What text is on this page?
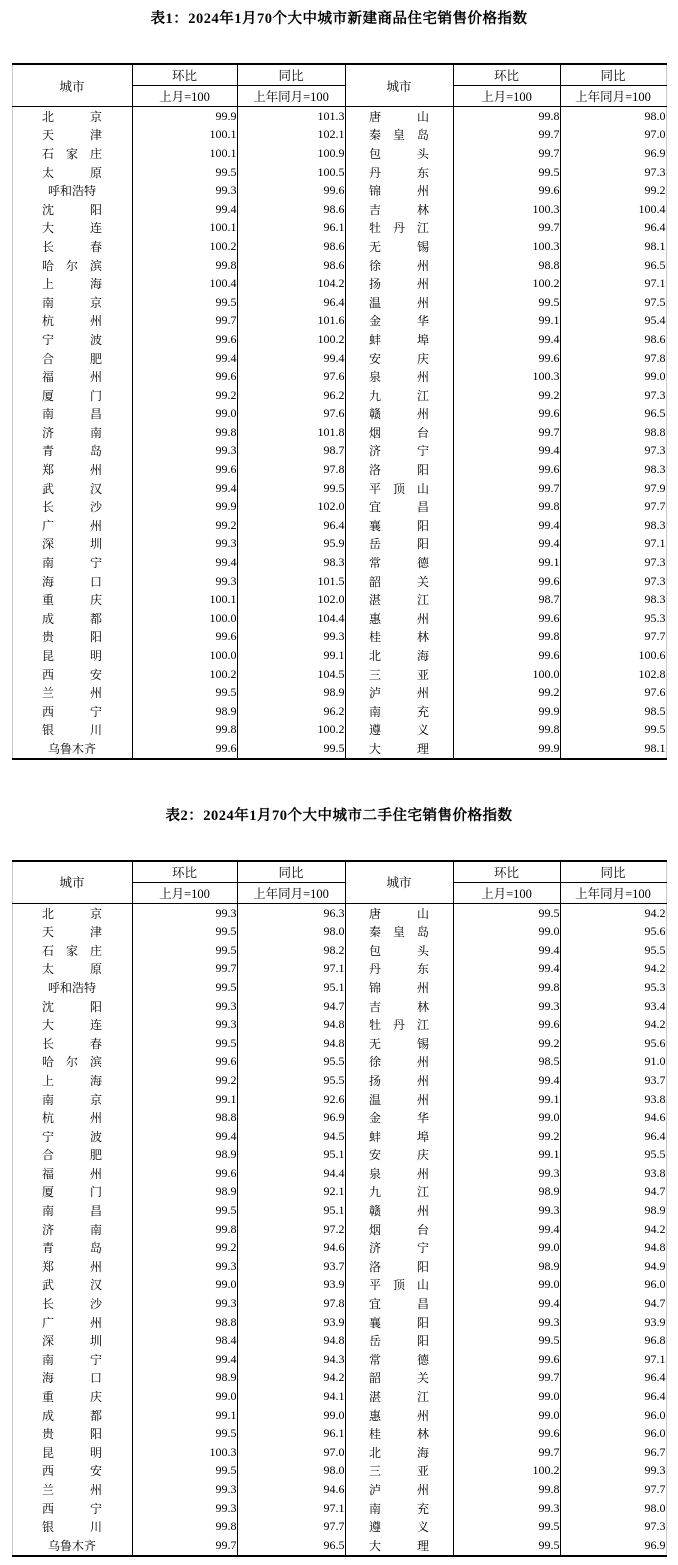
表1：2024年1月70个大中城市新建商品住宅销售价格指数
城市	环比	同比	城市	环比	同比
	上月=100	上年同月=100		上月=100	上年同月=100
北京	99.9	101.3	唐山	99.8	98.0
天津	100.1	102.1	秦皇岛	99.7	97.0
石家庄	100.1	100.9	包头	99.7	96.9
太原	99.5	100.5	丹东	99.5	97.3
呼和浩特	99.3	99.6	锦州	99.6	99.2
沈阳	99.4	98.6	吉林	100.3	100.4
大连	100.1	96.1	牡丹江	99.7	96.4
长春	100.2	98.6	无锡	100.3	98.1
哈尔滨	99.8	98.6	徐州	98.8	96.5
上海	100.4	104.2	扬州	100.2	97.1
南京	99.5	96.4	温州	99.5	97.5
杭州	99.7	101.6	金华	99.1	95.4
宁波	99.6	100.2	蚌埠	99.4	98.6
合肥	99.4	99.4	安庆	99.6	97.8
福州	99.6	97.6	泉州	100.3	99.0
厦门	99.2	96.2	九江	99.2	97.3
南昌	99.0	97.6	赣州	99.6	96.5
济南	99.8	101.8	烟台	99.7	98.8
青岛	99.3	98.7	济宁	99.4	97.3
郑州	99.6	97.8	洛阳	99.6	98.3
武汉	99.4	99.5	平顶山	99.7	97.9
长沙	99.9	102.0	宜昌	99.8	97.7
广州	99.2	96.4	襄阳	99.4	98.3
深圳	99.3	95.9	岳阳	99.4	97.1
南宁	99.4	98.3	常德	99.1	97.3
海口	99.3	101.5	韶关	99.6	97.3
重庆	100.1	102.0	湛江	98.7	98.3
成都	100.0	104.4	惠州	99.6	95.3
贵阳	99.6	99.3	桂林	99.8	97.7
昆明	100.0	99.1	北海	99.6	100.6
西安	100.2	104.5	三亚	100.0	102.8
兰州	99.5	98.9	泸州	99.2	97.6
西宁	98.9	96.2	南充	99.9	98.5
银川	99.8	100.2	遵义	99.8	99.5
乌鲁木齐	99.6	99.5	大理	99.9	98.1
表2：2024年1月70个大中城市二手住宅销售价格指数
城市	环比	同比	城市	环比	同比
	上月=100	上年同月=100		上月=100	上年同月=100
北京	99.3	96.3	唐山	99.5	94.2
天津	99.5	98.0	秦皇岛	99.0	95.6
石家庄	99.5	98.2	包头	99.4	95.5
太原	99.7	97.1	丹东	99.4	94.2
呼和浩特	99.5	95.1	锦州	99.8	95.3
沈阳	99.3	94.7	吉林	99.3	93.4
大连	99.3	94.8	牡丹江	99.6	94.2
长春	99.5	94.8	无锡	99.2	95.6
哈尔滨	99.6	95.5	徐州	98.5	91.0
上海	99.2	95.5	扬州	99.4	93.7
南京	99.1	92.6	温州	99.1	93.8
杭州	98.8	96.9	金华	99.0	94.6
宁波	99.4	94.5	蚌埠	99.2	96.4
合肥	98.9	95.1	安庆	99.1	95.5
福州	99.6	94.4	泉州	99.3	93.8
厦门	98.9	92.1	九江	98.9	94.7
南昌	99.5	95.1	赣州	99.3	98.9
济南	99.8	97.2	烟台	99.4	94.2
青岛	99.2	94.6	济宁	99.0	94.8
郑州	99.3	93.7	洛阳	98.9	94.9
武汉	99.0	93.9	平顶山	99.0	96.0
长沙	99.3	97.8	宜昌	99.4	94.7
广州	98.8	93.9	襄阳	99.3	93.9
深圳	98.4	94.8	岳阳	99.5	96.8
南宁	99.4	94.3	常德	99.6	97.1
海口	98.9	94.2	韶关	99.7	96.4
重庆	99.0	94.1	湛江	99.0	96.4
成都	99.1	99.0	惠州	99.0	96.0
贵阳	99.5	96.1	桂林	99.6	96.0
昆明	100.3	97.0	北海	99.7	96.7
西安	99.5	98.0	三亚	100.2	99.3
兰州	99.3	94.6	泸州	99.8	97.7
西宁	99.3	97.1	南充	99.3	98.0
银川	99.8	97.7	遵义	99.5	97.3
乌鲁木齐	99.7	96.5	大理	99.5	96.9
